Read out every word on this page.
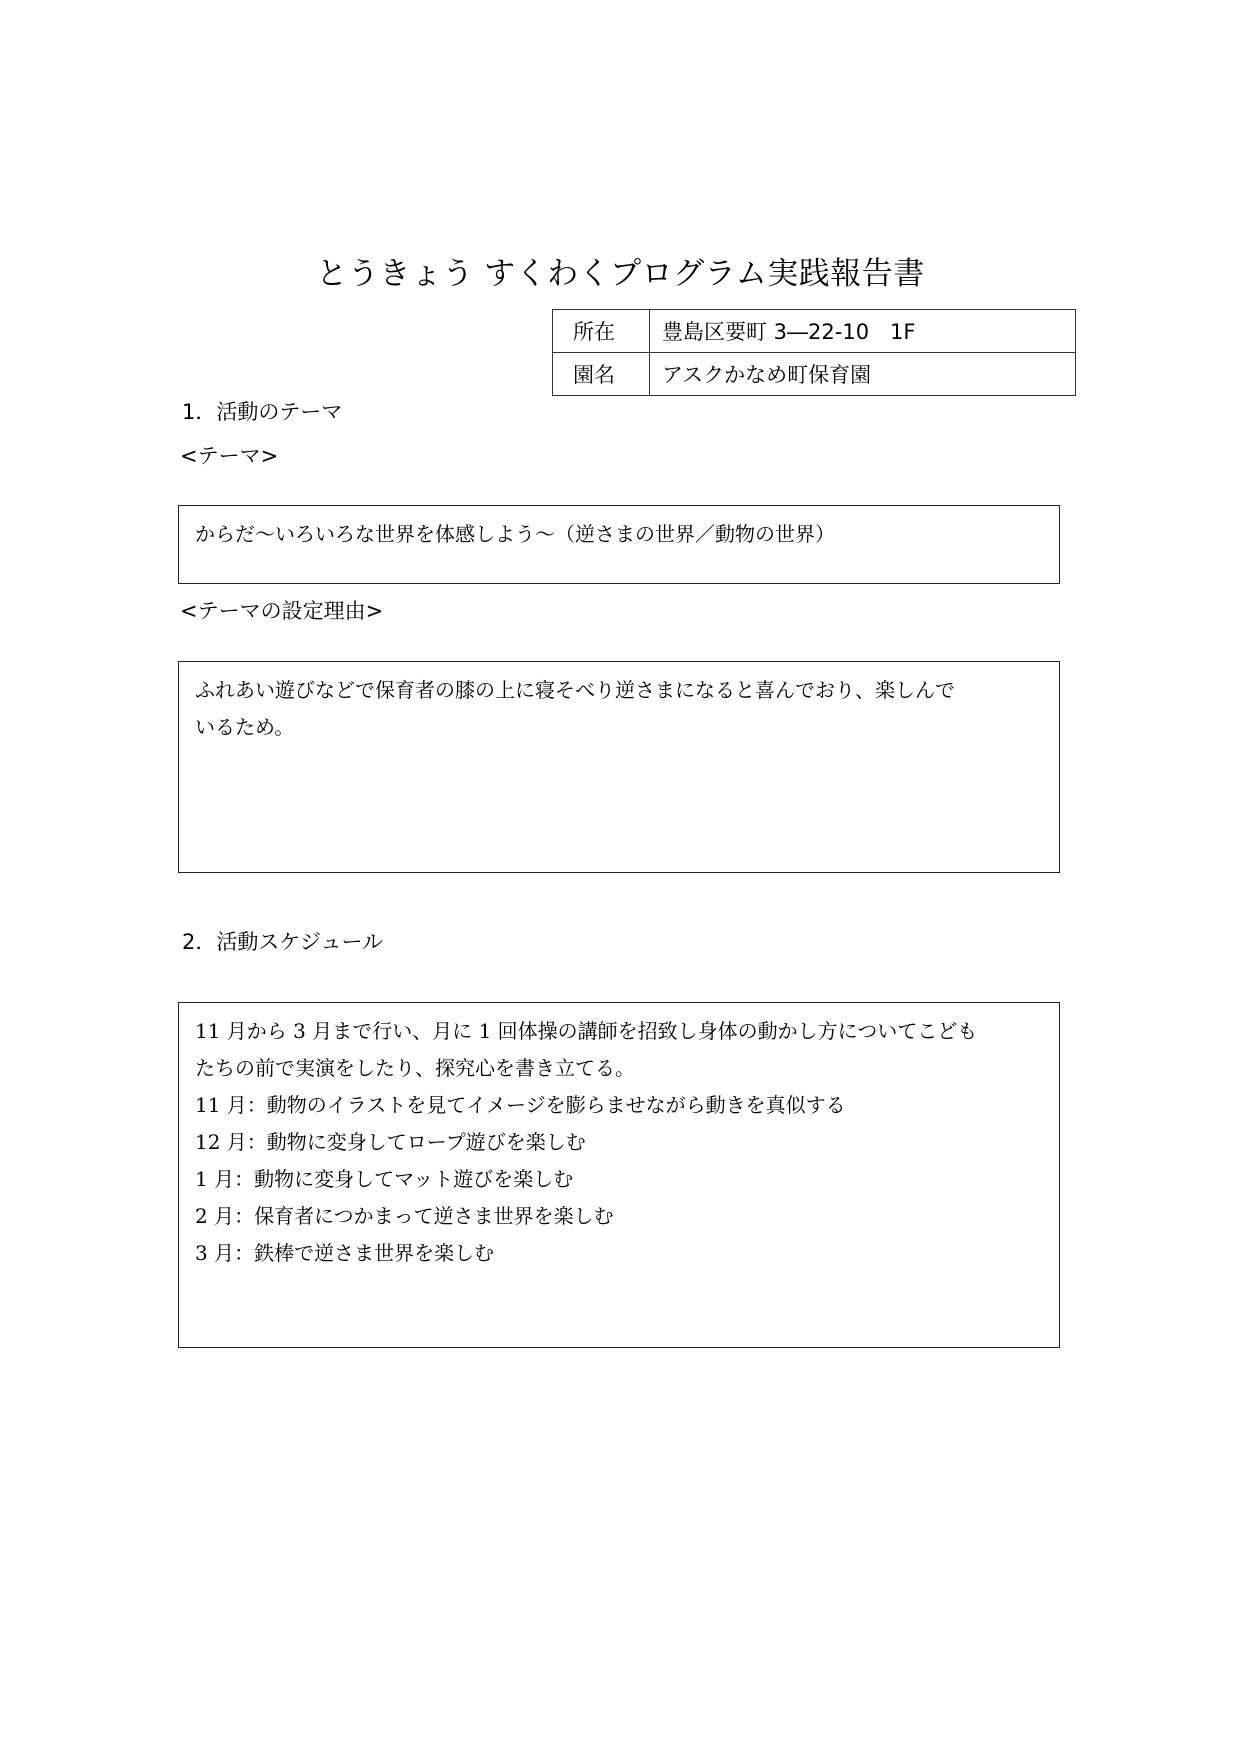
とうきょう すくわくプログラム実践報告書
所在	豊島区要町 3―22-10　1F
園名	アスクかなめ町保育園
1．活動のテーマ
<テーマ>

からだ～いろいろな世界を体感しよう～（逆さまの世界／動物の世界）

<テーマの設定理由>

ふれあい遊びなどで保育者の膝の上に寝そべり逆さまになると喜んでおり、楽しんで

いるため。

2．活動スケジュール

11 月から 3 月まで行い、月に 1 回体操の講師を招致し身体の動かし方についてこども

たちの前で実演をしたり、探究心を書き立てる。

11 月：動物のイラストを見てイメージを膨らませながら動きを真似する

12 月：動物に変身してロープ遊びを楽しむ

1 月：動物に変身してマット遊びを楽しむ

2 月：保育者につかまって逆さま世界を楽しむ

3 月：鉄棒で逆さま世界を楽しむ
